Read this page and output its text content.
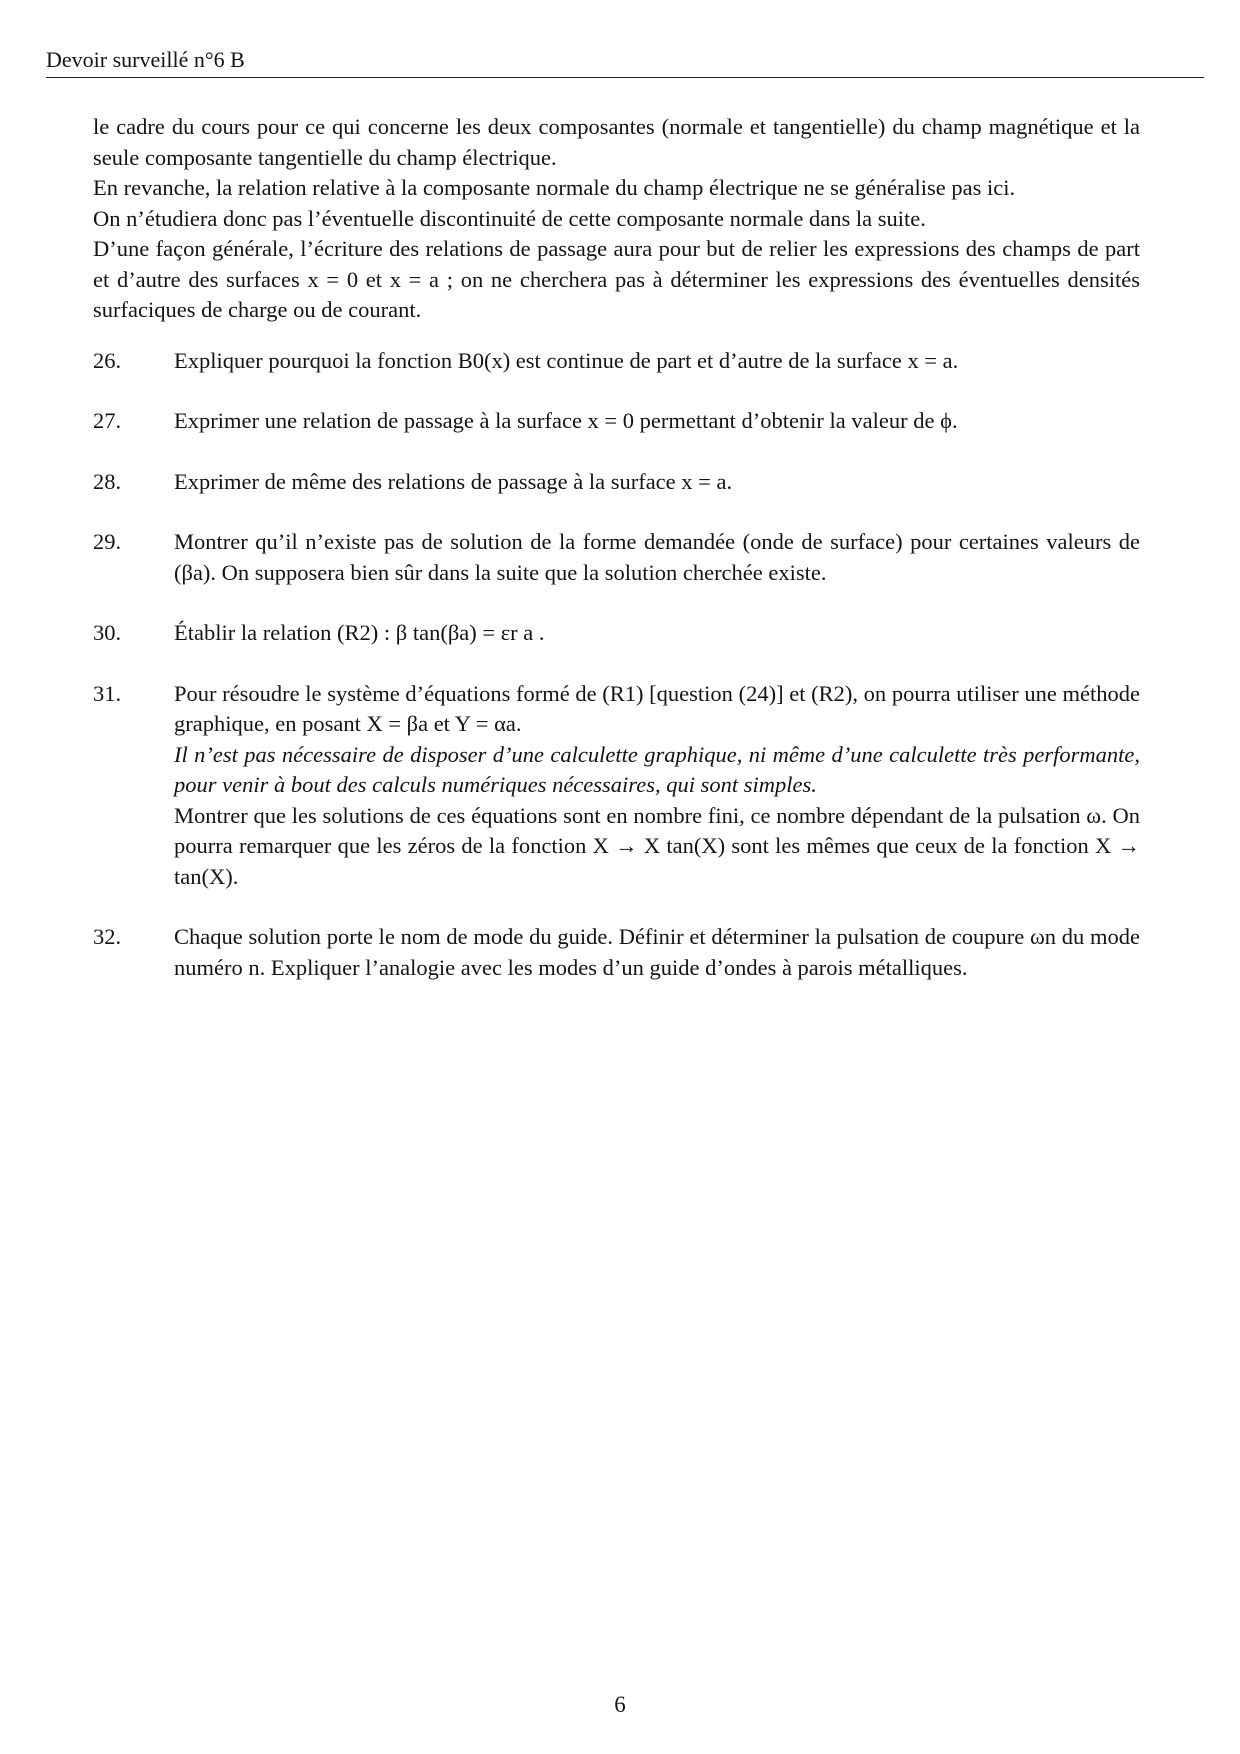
Devoir surveillé n°6 B

le cadre du cours pour ce qui concerne les deux composantes (normale et tangentielle) du champ magnétique et la seule composante tangentielle du champ électrique.

En revanche, la relation relative à la composante normale du champ électrique ne se généralise pas ici.

On n’étudiera donc pas l’éventuelle discontinuité de cette composante normale dans la suite.

D’une façon générale, l’écriture des relations de passage aura pour but de relier les expressions des champs de part et d’autre des surfaces x = 0 et x = a ; on ne cherchera pas à déterminer les expressions des éventuelles densités surfaciques de charge ou de courant.

26.	Expliquer pourquoi la fonction B0(x) est continue de part et d’autre de la surface x = a.
27.	Exprimer une relation de passage à la surface x = 0 permettant d’obtenir la valeur de ϕ.
28.	Exprimer de même des relations de passage à la surface x = a.
29.	Montrer qu’il n’existe pas de solution de la forme demandée (onde de surface) pour certaines valeurs de (βa). On supposera bien sûr dans la suite que la solution cherchée existe.
30.	Établir la relation (R2) : β tan(βa) = εr a .
31.	Pour résoudre le système d’équations formé de (R1) [question (24)] et (R2), on pourra utiliser une méthode graphique, en posant X = βa et Y = αa.

Il n’est pas nécessaire de disposer d’une calculette graphique, ni même d’une calculette très performante, pour venir à bout des calculs numériques nécessaires, qui sont simples.

Montrer que les solutions de ces équations sont en nombre fini, ce nombre dépendant de la pulsation ω. On pourra remarquer que les zéros de la fonction X → X tan(X) sont les mêmes que ceux de la fonction X → tan(X).

32.	Chaque solution porte le nom de mode du guide. Définir et déterminer la pulsation de coupure ωn du mode numéro n. Expliquer l’analogie avec les modes d’un guide d’ondes à parois métalliques.
6
